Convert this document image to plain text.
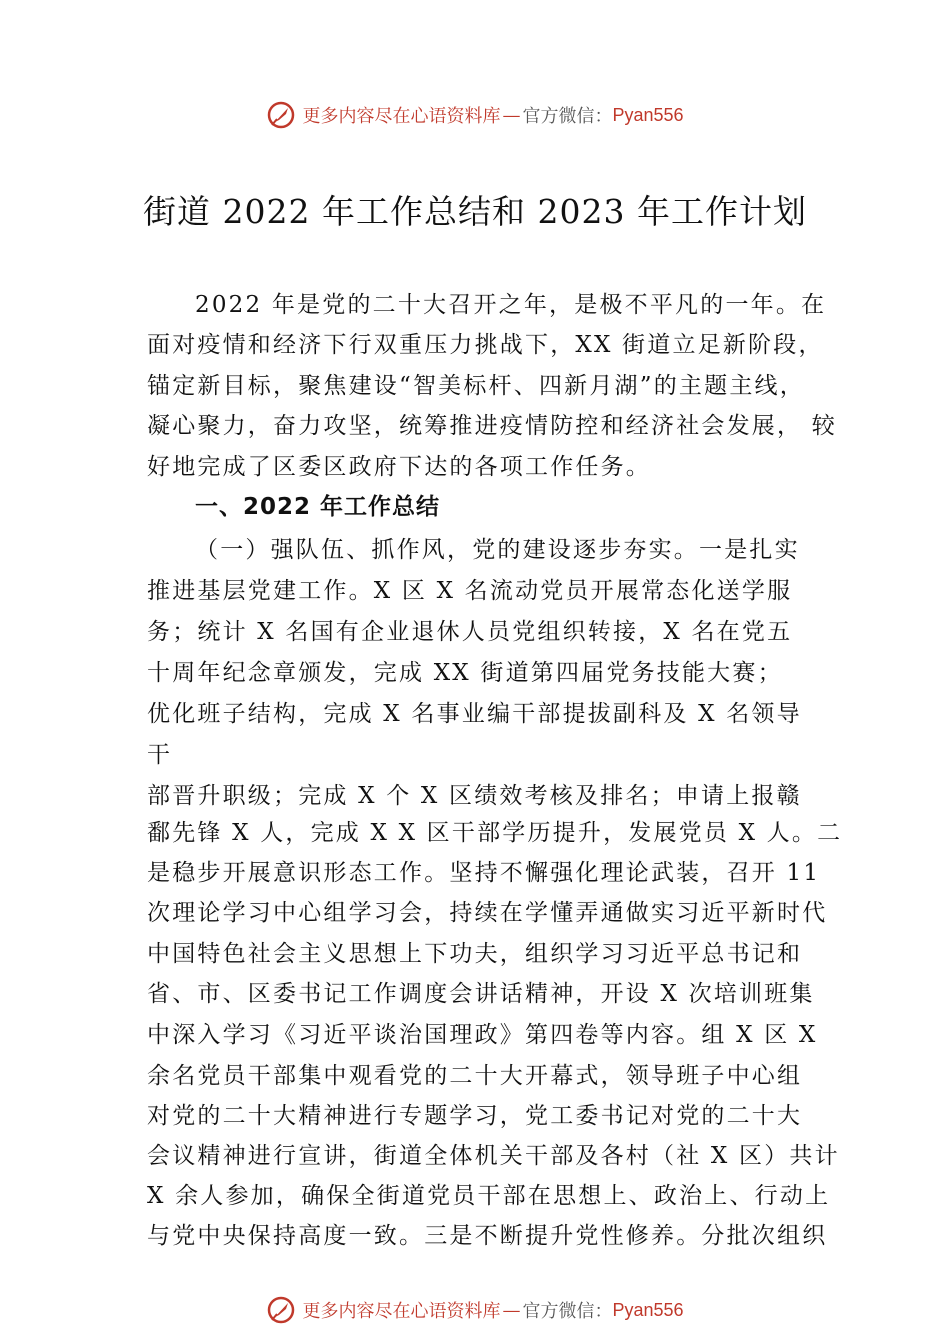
更多内容尽在心语资料库 — 官方微信： Pyan556
街道 2022 年工作总结和 2023 年工作计划
2022 年是党的二十大召开之年，是极不平凡的一年。在
面对疫情和经济下行双重压力挑战下，XX 街道立足新阶段，
锚定新目标，聚焦建设“智美标杆、四新月湖”的主题主线，
凝心聚力，奋力攻坚，统筹推进疫情防控和经济社会发展， 较
好地完成了区委区政府下达的各项工作任务。
一、2022 年工作总结
（一）强队伍、抓作风，党的建设逐步夯实。一是扎实
推进基层党建工作。X 区 X 名流动党员开展常态化送学服
务；统计 X 名国有企业退休人员党组织转接，X 名在党五
十周年纪念章颁发，完成 XX 街道第四届党务技能大赛；
优化班子结构，完成 X 名事业编干部提拔副科及 X 名领导
干
部晋升职级；完成 X 个 X 区绩效考核及排名；申请上报赣
鄱先锋 X 人，完成 X X 区干部学历提升，发展党员 X 人。二
是稳步开展意识形态工作。坚持不懈强化理论武装，召开 11
次理论学习中心组学习会，持续在学懂弄通做实习近平新时代
中国特色社会主义思想上下功夫，组织学习习近平总书记和
省、市、区委书记工作调度会讲话精神，开设 X 次培训班集
中深入学习《习近平谈治国理政》第四卷等内容。组 X 区 X
余名党员干部集中观看党的二十大开幕式，领导班子中心组
对党的二十大精神进行专题学习，党工委书记对党的二十大
会议精神进行宣讲，街道全体机关干部及各村（社 X 区）共计
X 余人参加，确保全街道党员干部在思想上、政治上、行动上
与党中央保持高度一致。三是不断提升党性修养。分批次组织
更多内容尽在心语资料库 — 官方微信： Pyan556
